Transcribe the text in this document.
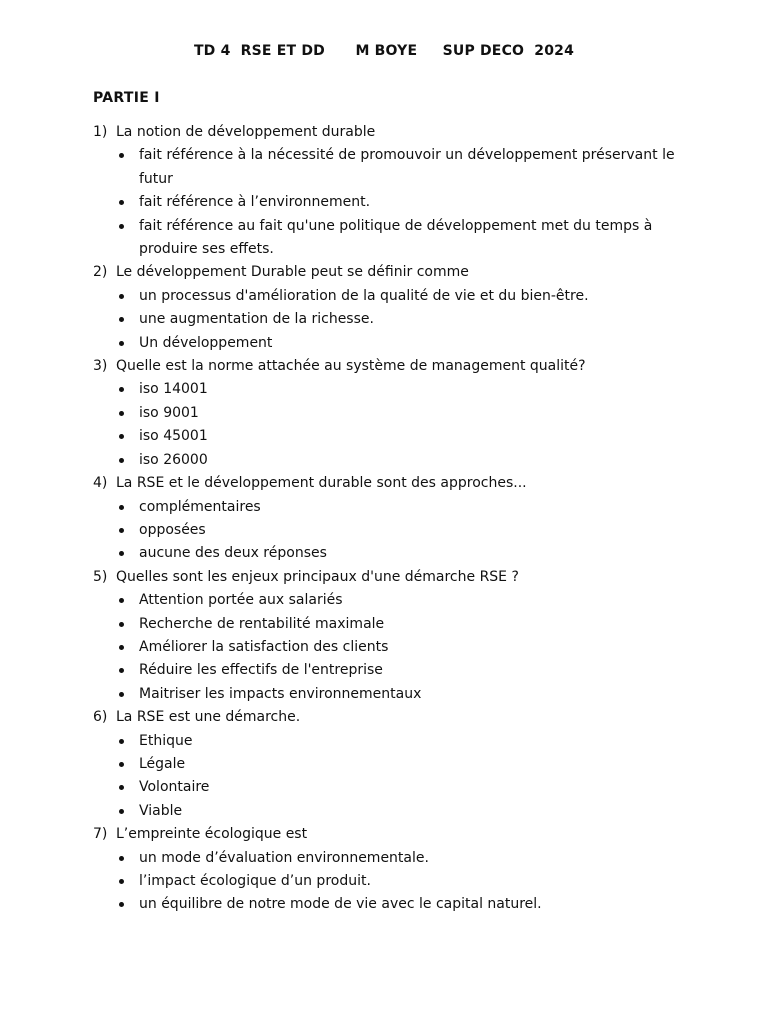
TD 4  RSE ET DD      M BOYE     SUP DECO  2024
PARTIE I
1) La notion de développement durable
fait référence à la nécessité de promouvoir un développement préservant le futur
fait référence à l’environnement.
fait référence au fait qu'une politique de développement met du temps à produire ses effets.
2) Le développement Durable peut se définir comme
un processus d'amélioration de la qualité de vie et du bien-être.
une augmentation de la richesse.
Un développement
3) Quelle est la norme attachée au système de management qualité?
iso 14001
iso 9001
iso 45001
iso 26000
4) La RSE et le développement durable sont des approches...
complémentaires
opposées
aucune des deux réponses
5) Quelles sont les enjeux principaux d'une démarche RSE ?
Attention portée aux salariés
Recherche de rentabilité maximale
Améliorer la satisfaction des clients
Réduire les effectifs de l'entreprise
Maitriser les impacts environnementaux
6) La RSE est une démarche.
Ethique
Légale
Volontaire
Viable
7) L’empreinte écologique est
un mode d’évaluation environnementale.
l’impact écologique d’un produit.
un équilibre de notre mode de vie avec le capital naturel.
